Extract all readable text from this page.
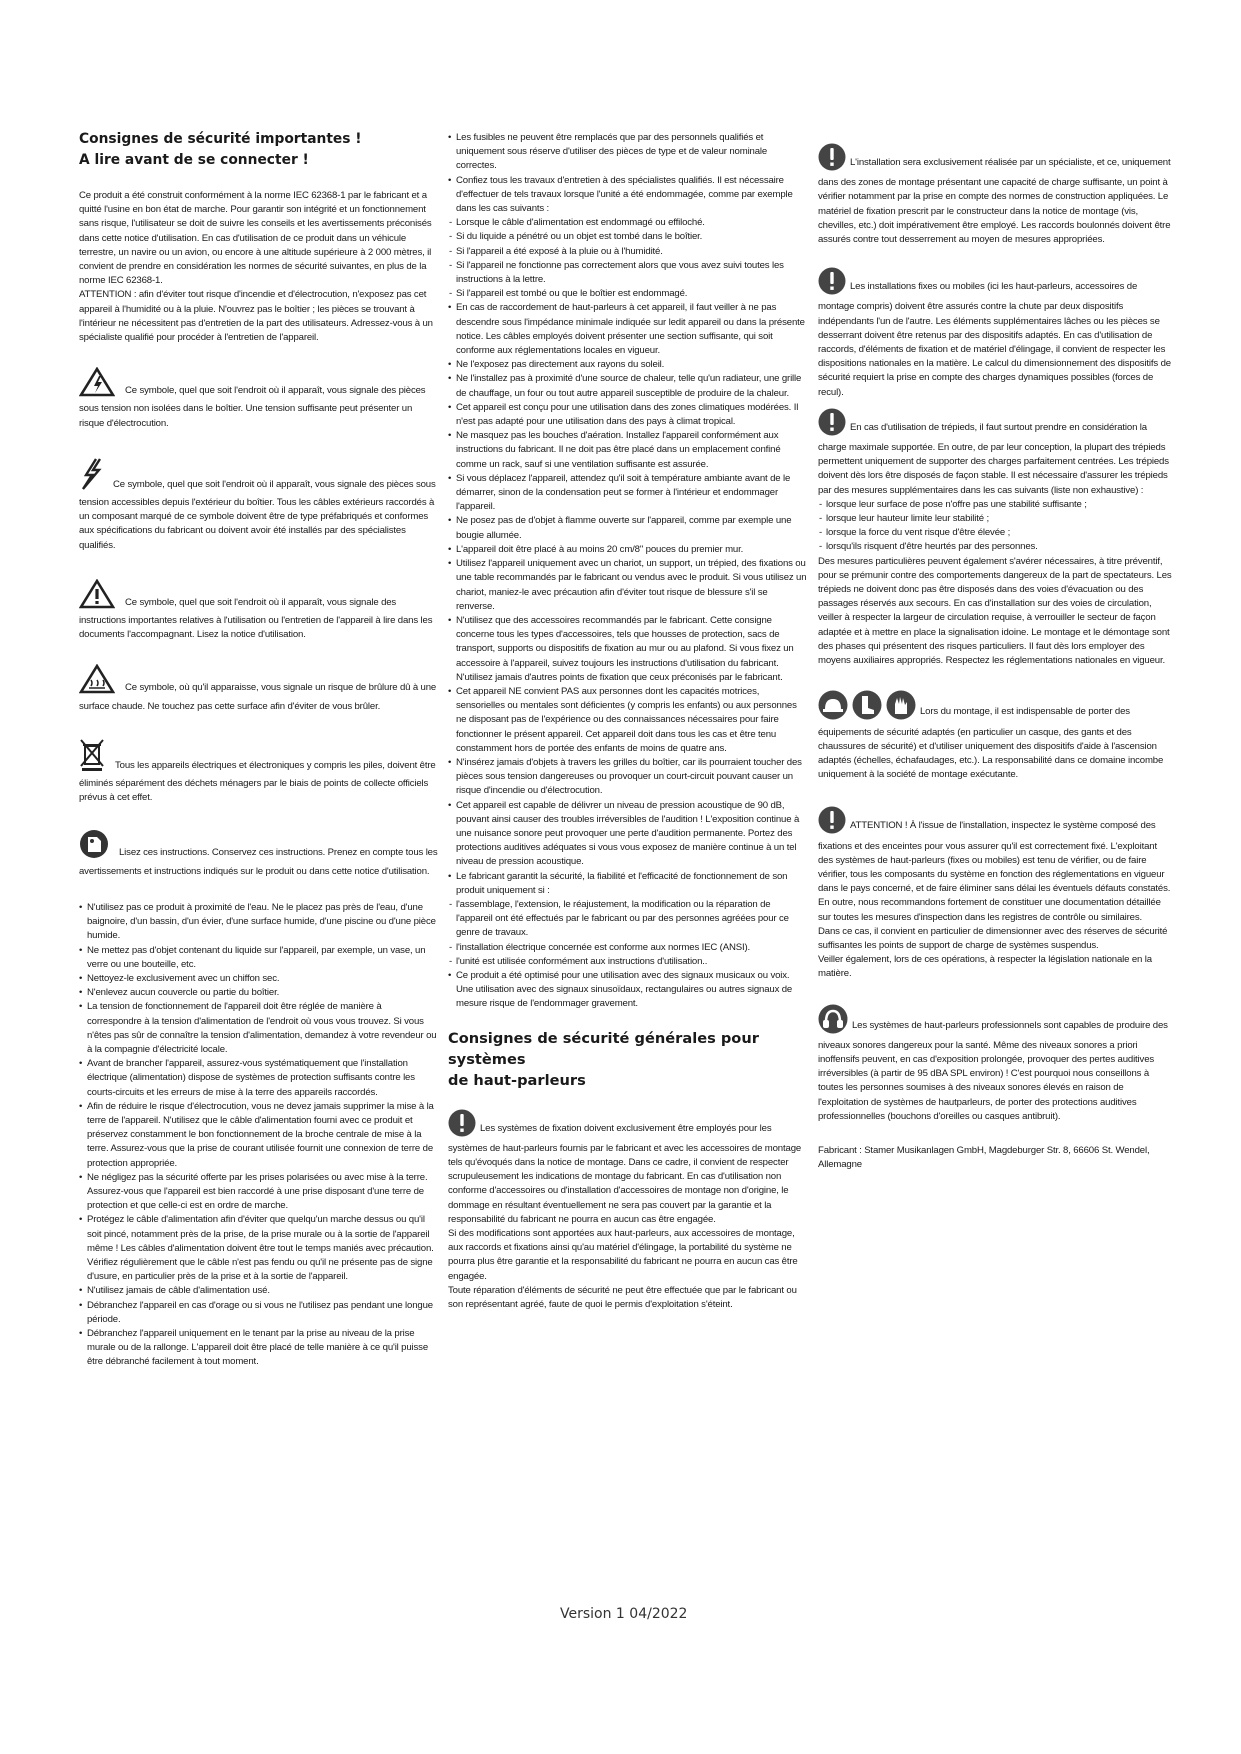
Consignes de sécurité importantes !
A lire avant de se connecter !

Ce produit a été construit conformément à la norme IEC 62368-1 par le fabricant et a quitté l'usine en bon état de marche. Pour garantir son intégrité et un fonctionnement sans risque, l'utilisateur se doit de suivre les conseils et les avertissements préconisés dans cette notice d'utilisation. En cas d'utilisation de ce produit dans un véhicule terrestre, un navire ou un avion, ou encore à une altitude supérieure à 2 000 mètres, il convient de prendre en considération les normes de sécurité suivantes, en plus de la norme IEC 62368-1.

ATTENTION : afin d'éviter tout risque d'incendie et d'électrocution, n'exposez pas cet appareil à l'humidité ou à la pluie. N'ouvrez pas le boîtier ; les pièces se trouvant à l'intérieur ne nécessitent pas d'entretien de la part des utilisateurs. Adressez-vous à un spécialiste qualifié pour procéder à l'entretien de l'appareil.

Ce symbole, quel que soit l'endroit où il apparaît, vous signale des pièces sous tension non isolées dans le boîtier. Une tension suffisante peut présenter un risque d'électrocution.
Ce symbole, quel que soit l'endroit où il apparaît, vous signale des pièces sous tension accessibles depuis l'extérieur du boîtier. Tous les câbles extérieurs raccordés à un composant marqué de ce symbole doivent être de type préfabriqués et conformes aux spécifications du fabricant ou doivent avoir été installés par des spécialistes qualifiés.
Ce symbole, quel que soit l'endroit où il apparaît, vous signale des instructions importantes relatives à l'utilisation ou l'entretien de l'appareil à lire dans les documents l'accompagnant. Lisez la notice d'utilisation.
Ce symbole, où qu'il apparaisse, vous signale un risque de brûlure dû à une surface chaude. Ne touchez pas cette surface afin d'éviter de vous brûler.
Tous les appareils électriques et électroniques y compris les piles, doivent être éliminés séparément des déchets ménagers par le biais de points de collecte officiels prévus à cet effet.
Lisez ces instructions. Conservez ces instructions. Prenez en compte tous les avertissements et instructions indiqués sur le produit ou dans cette notice d'utilisation.
• N'utilisez pas ce produit à proximité de l'eau. Ne le placez pas près de l'eau, d'une baignoire, d'un bassin, d'un évier, d'une surface humide, d'une piscine ou d'une pièce humide.
• Ne mettez pas d'objet contenant du liquide sur l'appareil, par exemple, un vase, un verre ou une bouteille, etc.
• Nettoyez-le exclusivement avec un chiffon sec.
• N'enlevez aucun couvercle ou partie du boîtier.
• La tension de fonctionnement de l'appareil doit être réglée de manière à correspondre à la tension d'alimentation de l'endroit où vous vous trouvez. Si vous n'êtes pas sûr de connaître la tension d'alimentation, demandez à votre revendeur ou à la compagnie d'électricité locale.
• Avant de brancher l'appareil, assurez-vous systématiquement que l'installation électrique (alimentation) dispose de systèmes de protection suffisants contre les courts-circuits et les erreurs de mise à la terre des appareils raccordés.
• Afin de réduire le risque d'électrocution, vous ne devez jamais supprimer la mise à la terre de l'appareil. N'utilisez que le câble d'alimentation fourni avec ce produit et préservez constamment le bon fonctionnement de la broche centrale de mise à la terre. Assurez-vous que la prise de courant utilisée fournit une connexion de terre de protection appropriée.
• Ne négligez pas la sécurité offerte par les prises polarisées ou avec mise à la terre. Assurez-vous que l'appareil est bien raccordé à une prise disposant d'une terre de protection et que celle-ci est en ordre de marche.
• Protégez le câble d'alimentation afin d'éviter que quelqu'un marche dessus ou qu'il soit pincé, notamment près de la prise, de la prise murale ou à la sortie de l'appareil même ! Les câbles d'alimentation doivent être tout le temps maniés avec précaution. Vérifiez régulièrement que le câble n'est pas fendu ou qu'il ne présente pas de signe d'usure, en particulier près de la prise et à la sortie de l'appareil.
• N'utilisez jamais de câble d'alimentation usé.
• Débranchez l'appareil en cas d'orage ou si vous ne l'utilisez pas pendant une longue période.
• Débranchez l'appareil uniquement en le tenant par la prise au niveau de la prise murale ou de la rallonge. L'appareil doit être placé de telle manière à ce qu'il puisse être débranché facilement à tout moment.
• Les fusibles ne peuvent être remplacés que par des personnels qualifiés et uniquement sous réserve d'utiliser des pièces de type et de valeur nominale correctes.
• Confiez tous les travaux d'entretien à des spécialistes qualifiés. Il est nécessaire d'effectuer de tels travaux lorsque l'unité a été endommagée, comme par exemple dans les cas suivants :
- Lorsque le câble d'alimentation est endommagé ou effiloché.
- Si du liquide a pénétré ou un objet est tombé dans le boîtier.
- Si l'appareil a été exposé à la pluie ou à l'humidité.
- Si l'appareil ne fonctionne pas correctement alors que vous avez suivi toutes les instructions à la lettre.
- Si l'appareil est tombé ou que le boîtier est endommagé.
• En cas de raccordement de haut-parleurs à cet appareil, il faut veiller à ne pas descendre sous l'impédance minimale indiquée sur ledit appareil ou dans la présente notice. Les câbles employés doivent présenter une section suffisante, qui soit conforme aux réglementations locales en vigueur.
• Ne l'exposez pas directement aux rayons du soleil.
• Ne l'installez pas à proximité d'une source de chaleur, telle qu'un radiateur, une grille de chauffage, un four ou tout autre appareil susceptible de produire de la chaleur.
• Cet appareil est conçu pour une utilisation dans des zones climatiques modérées. Il n'est pas adapté pour une utilisation dans des pays à climat tropical.
• Ne masquez pas les bouches d'aération. Installez l'appareil conformément aux instructions du fabricant. Il ne doit pas être placé dans un emplacement confiné comme un rack, sauf si une ventilation suffisante est assurée.
• Si vous déplacez l'appareil, attendez qu'il soit à température ambiante avant de le démarrer, sinon de la condensation peut se former à l'intérieur et endommager l'appareil.
• Ne posez pas de d'objet à flamme ouverte sur l'appareil, comme par exemple une bougie allumée.
• L'appareil doit être placé à au moins 20 cm/8" pouces du premier mur.
• Utilisez l'appareil uniquement avec un chariot, un support, un trépied, des fixations ou une table recommandés par le fabricant ou vendus avec le produit. Si vous utilisez un chariot, maniez-le avec précaution afin d'éviter tout risque de blessure s'il se renverse.
• N'utilisez que des accessoires recommandés par le fabricant. Cette consigne concerne tous les types d'accessoires, tels que housses de protection, sacs de transport, supports ou dispositifs de fixation au mur ou au plafond. Si vous fixez un accessoire à l'appareil, suivez toujours les instructions d'utilisation du fabricant. N'utilisez jamais d'autres points de fixation que ceux préconisés par le fabricant.
• Cet appareil NE convient PAS aux personnes dont les capacités motrices, sensorielles ou mentales sont déficientes (y compris les enfants) ou aux personnes ne disposant pas de l'expérience ou des connaissances nécessaires pour faire fonctionner le présent appareil. Cet appareil doit dans tous les cas et être tenu constamment hors de portée des enfants de moins de quatre ans.
• N'insérez jamais d'objets à travers les grilles du boîtier, car ils pourraient toucher des pièces sous tension dangereuses ou provoquer un court-circuit pouvant causer un risque d'incendie ou d'électrocution.
• Cet appareil est capable de délivrer un niveau de pression acoustique de 90 dB, pouvant ainsi causer des troubles irréversibles de l'audition ! L'exposition continue à une nuisance sonore peut provoquer une perte d'audition permanente. Portez des protections auditives adéquates si vous vous exposez de manière continue à un tel niveau de pression acoustique.
• Le fabricant garantit la sécurité, la fiabilité et l'efficacité de fonctionnement de son produit uniquement si :
- l'assemblage, l'extension, le réajustement, la modification ou la réparation de l'appareil ont été effectués par le fabricant ou par des personnes agréées pour ce genre de travaux.
- l'installation électrique concernée est conforme aux normes IEC (ANSI).
- l'unité est utilisée conformément aux instructions d'utilisation..
• Ce produit a été optimisé pour une utilisation avec des signaux musicaux ou voix. Une utilisation avec des signaux sinusoïdaux, rectangulaires ou autres signaux de mesure risque de l'endommager gravement.
Consignes de sécurité générales pour systèmes
de haut-parleurs
Les systèmes de fixation doivent exclusivement être employés pour les systèmes de haut-parleurs fournis par le fabricant et avec les accessoires de montage tels qu'évoqués dans la notice de montage. Dans ce cadre, il convient de respecter scrupuleusement les indications de montage du fabricant. En cas d'utilisation non conforme d'accessoires ou d'installation d'accessoires de montage non d'origine, le dommage en résultant éventuellement ne sera pas couvert par la garantie et la responsabilité du fabricant ne pourra en aucun cas être engagée.

Si des modifications sont apportées aux haut-parleurs, aux accessoires de montage, aux raccords et fixations ainsi qu'au matériel d'élingage, la portabilité du système ne pourra plus être garantie et la responsabilité du fabricant ne pourra en aucun cas être engagée.

Toute réparation d'éléments de sécurité ne peut être effectuée que par le fabricant ou son représentant agréé, faute de quoi le permis d'exploitation s'éteint.

L'installation sera exclusivement réalisée par un spécialiste, et ce, uniquement dans des zones de montage présentant une capacité de charge suffisante, un point à vérifier notamment par la prise en compte des normes de construction appliquées. Le matériel de fixation prescrit par le constructeur dans la notice de montage (vis, chevilles, etc.) doit impérativement être employé. Les raccords boulonnés doivent être assurés contre tout desserrement au moyen de mesures appropriées.
Les installations fixes ou mobiles (ici les haut-parleurs, accessoires de montage compris) doivent être assurés contre la chute par deux dispositifs indépendants l'un de l'autre. Les éléments supplémentaires lâches ou les pièces se desserrant doivent être retenus par des dispositifs adaptés. En cas d'utilisation de raccords, d'éléments de fixation et de matériel d'élingage, il convient de respecter les dispositions nationales en la matière. Le calcul du dimensionnement des dispositifs de sécurité requiert la prise en compte des charges dynamiques possibles (forces de recul).
En cas d'utilisation de trépieds, il faut surtout prendre en considération la charge maximale supportée. En outre, de par leur conception, la plupart des trépieds permettent uniquement de supporter des charges parfaitement centrées. Les trépieds doivent dès lors être disposés de façon stable. Il est nécessaire d'assurer les trépieds par des mesures supplémentaires dans les cas suivants (liste non exhaustive) :
- lorsque leur surface de pose n'offre pas une stabilité suffisante ;
- lorsque leur hauteur limite leur stabilité ;
- lorsque la force du vent risque d'être élevée ;
- lorsqu'ils risquent d'être heurtés par des personnes.

Des mesures particulières peuvent également s'avérer nécessaires, à titre préventif, pour se prémunir contre des comportements dangereux de la part de spectateurs. Les trépieds ne doivent donc pas être disposés dans des voies d'évacuation ou des passages réservés aux secours. En cas d'installation sur des voies de circulation, veiller à respecter la largeur de circulation requise, à verrouiller le secteur de façon adaptée et à mettre en place la signalisation idoine. Le montage et le démontage sont des phases qui présentent des risques particuliers. Il faut dès lors employer des moyens auxiliaires appropriés. Respectez les réglementations nationales en vigueur.

Lors du montage, il est indispensable de porter des équipements de sécurité adaptés (en particulier un casque, des gants et des chaussures de sécurité) et d'utiliser uniquement des dispositifs d'aide à l'ascension adaptés (échelles, échafaudages, etc.). La responsabilité dans ce domaine incombe uniquement à la société de montage exécutante.
ATTENTION ! À l'issue de l'installation, inspectez le système composé des fixations et des enceintes pour vous assurer qu'il est correctement fixé. L'exploitant des systèmes de haut-parleurs (fixes ou mobiles) est tenu de vérifier, ou de faire vérifier, tous les composants du système en fonction des réglementations en vigueur dans le pays concerné, et de faire éliminer sans délai les éventuels défauts constatés.

En outre, nous recommandons fortement de constituer une documentation détaillée sur toutes les mesures d'inspection dans les registres de contrôle ou similaires.

Dans ce cas, il convient en particulier de dimensionner avec des réserves de sécurité suffisantes les points de support de charge de systèmes suspendus.

Veiller également, lors de ces opérations, à respecter la législation nationale en la matière.

Les systèmes de haut-parleurs professionnels sont capables de produire des niveaux sonores dangereux pour la santé. Même des niveaux sonores a priori inoffensifs peuvent, en cas d'exposition prolongée, provoquer des pertes auditives irréversibles (à partir de 95 dBA SPL environ) ! C'est pourquoi nous conseillons à toutes les personnes soumises à des niveaux sonores élevés en raison de l'exploitation de systèmes de hautparleurs, de porter des protections auditives professionnelles (bouchons d'oreilles ou casques antibruit).

Fabricant : Stamer Musikanlagen GmbH, Magdeburger Str. 8, 66606 St. Wendel, Allemagne

Version 1 04/2022
